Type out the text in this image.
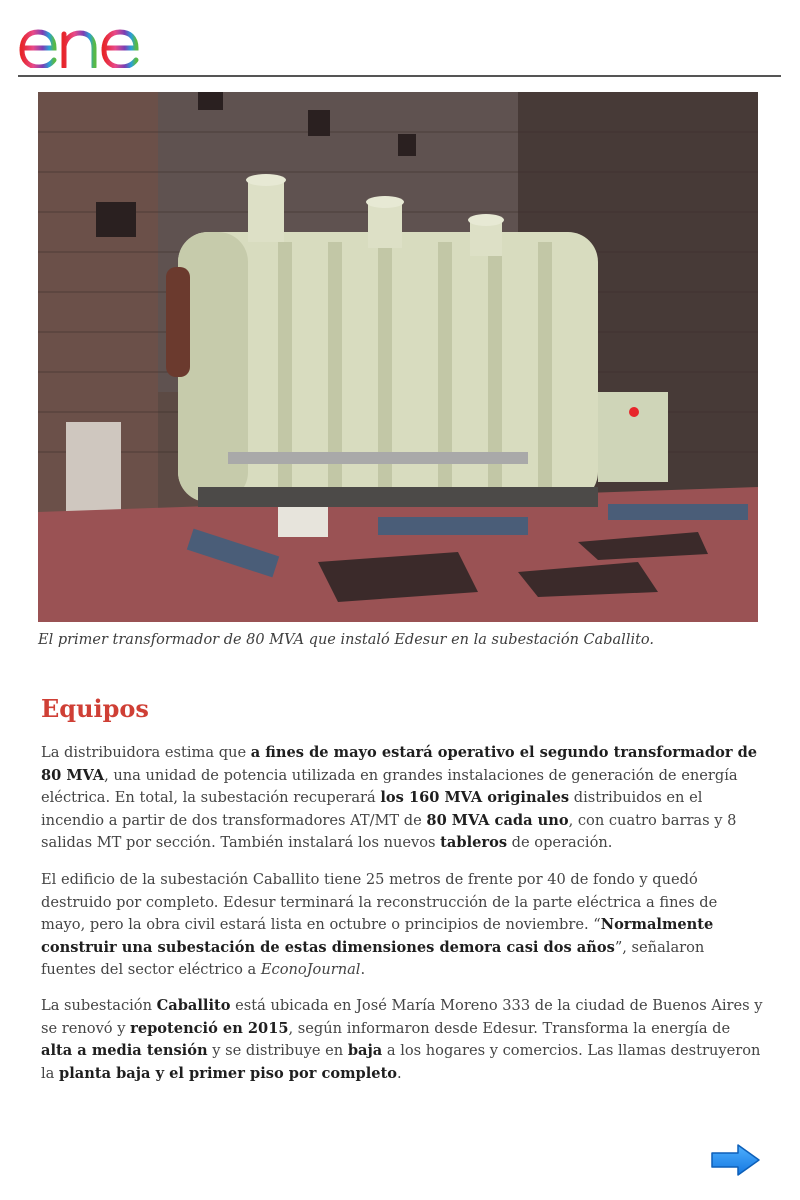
El primer transformador de 80 MVA que instaló Edesur en la subestación Caballito.

Equipos

La distribuidora estima que a fines de mayo estará operativo el segundo transformador de 80 MVA, una unidad de potencia utilizada en grandes instalaciones de generación de energía eléctrica. En total, la subestación recuperará los 160 MVA originales distribuidos en el incendio a partir de dos transformadores AT/MT de 80 MVA cada uno, con cuatro barras y 8 salidas MT por sección. También instalará los nuevos tableros de operación.

El edificio de la subestación Caballito tiene 25 metros de frente por 40 de fondo y quedó destruido por completo. Edesur terminará la reconstrucción de la parte eléctrica a fines de mayo, pero la obra civil estará lista en octubre o principios de noviembre. “Normalmente construir una subestación de estas dimensiones demora casi dos años”, señalaron fuentes del sector eléctrico a EconoJournal.

La subestación Caballito está ubicada en José María Moreno 333 de la ciudad de Buenos Aires y se renovó y repotenció en 2015, según informaron desde Edesur. Transforma la energía de alta a media tensión y se distribuye en baja a los hogares y comercios. Las llamas destruyeron la planta baja y el primer piso por completo.
